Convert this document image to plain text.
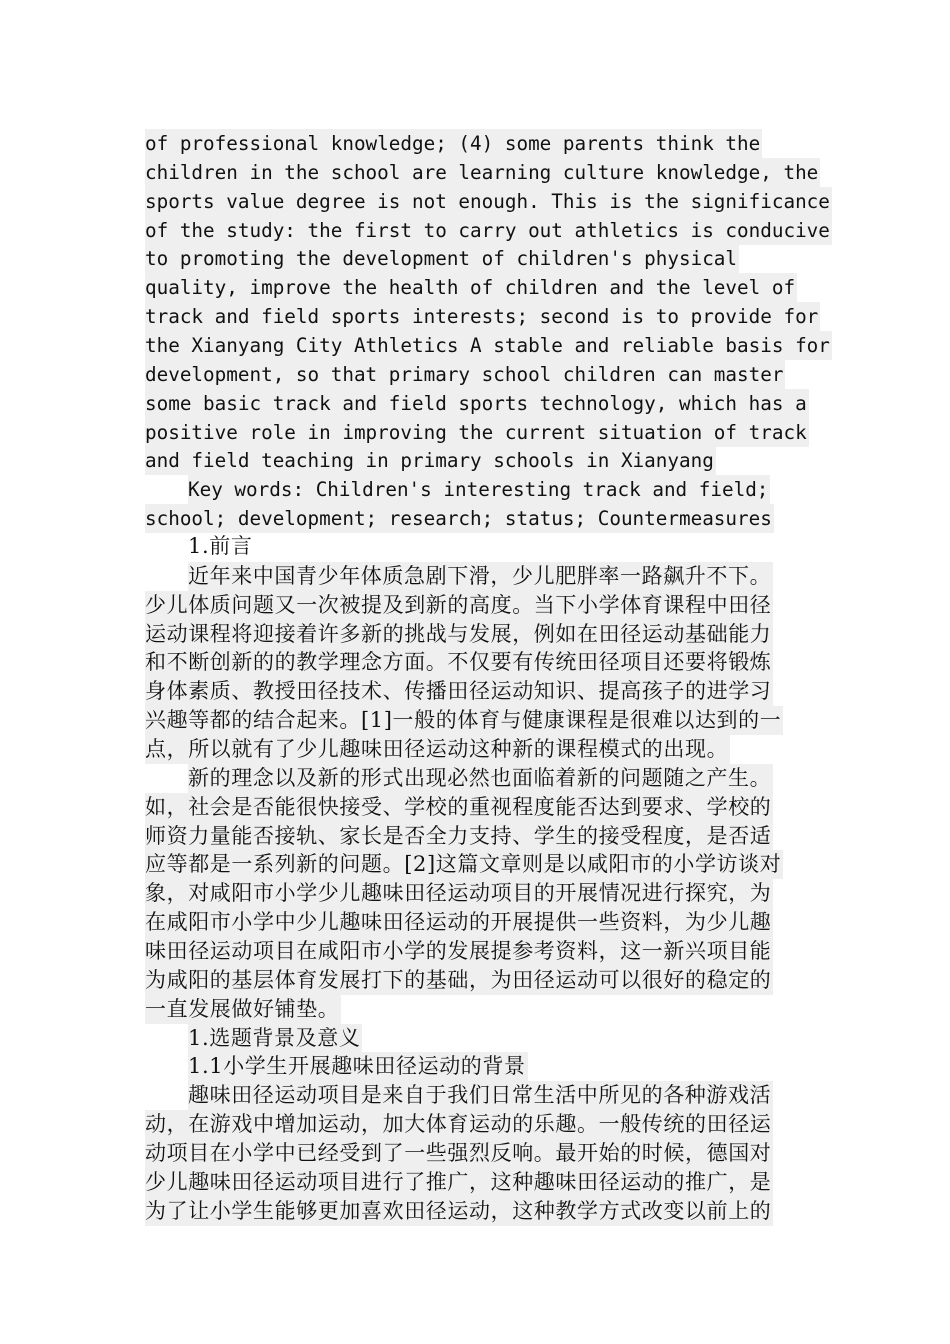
of professional knowledge; (4) some parents think the
children in the school are learning culture knowledge, the
sports value degree is not enough. This is the significance
of the study: the first to carry out athletics is conducive
to promoting the development of children's physical
quality, improve the health of children and the level of
track and field sports interests; second is to provide for
the Xianyang City Athletics A stable and reliable basis for
development, so that primary school children can master
some basic track and field sports technology, which has a
positive role in improving the current situation of track
and field teaching in primary schools in Xianyang
Key words: Children's interesting track and field;
school; development; research; status; Countermeasures
1.前言
近年来中国青少年体质急剧下滑，少儿肥胖率一路飙升不下。
少儿体质问题又一次被提及到新的高度。当下小学体育课程中田径
运动课程将迎接着许多新的挑战与发展，例如在田径运动基础能力
和不断创新的的教学理念方面。不仅要有传统田径项目还要将锻炼
身体素质、教授田径技术、传播田径运动知识、提高孩子的进学习
兴趣等都的结合起来。[1]一般的体育与健康课程是很难以达到的一
点，所以就有了少儿趣味田径运动这种新的课程模式的出现。
新的理念以及新的形式出现必然也面临着新的问题随之产生。
如，社会是否能很快接受、学校的重视程度能否达到要求、学校的
师资力量能否接轨、家长是否全力支持、学生的接受程度，是否适
应等都是一系列新的问题。[2]这篇文章则是以咸阳市的小学访谈对
象，对咸阳市小学少儿趣味田径运动项目的开展情况进行探究，为
在咸阳市小学中少儿趣味田径运动的开展提供一些资料，为少儿趣
味田径运动项目在咸阳市小学的发展提参考资料，这一新兴项目能
为咸阳的基层体育发展打下的基础，为田径运动可以很好的稳定的
一直发展做好铺垫。
1.选题背景及意义
1.1小学生开展趣味田径运动的背景
趣味田径运动项目是来自于我们日常生活中所见的各种游戏活
动，在游戏中增加运动，加大体育运动的乐趣。一般传统的田径运
动项目在小学中已经受到了一些强烈反响。最开始的时候，德国对
少儿趣味田径运动项目进行了推广，这种趣味田径运动的推广，是
为了让小学生能够更加喜欢田径运动，这种教学方式改变以前上的
